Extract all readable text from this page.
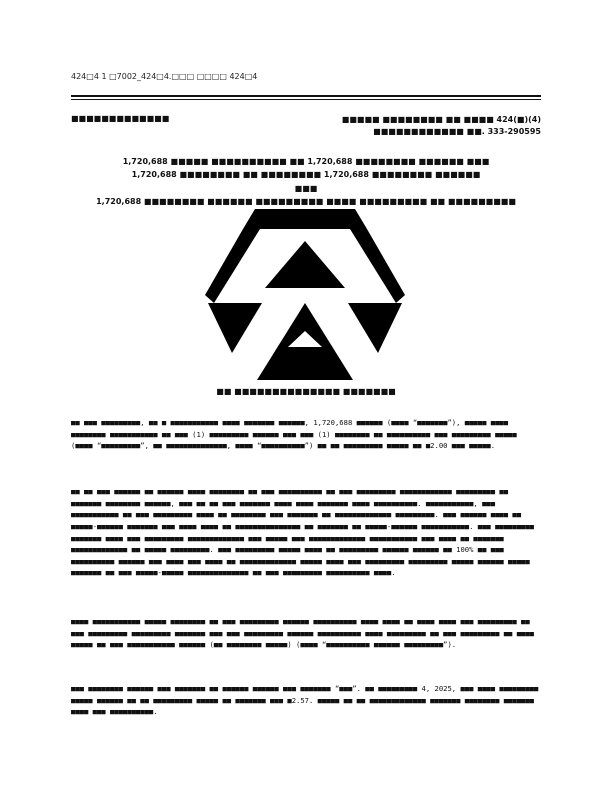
424□4 1 □7002_424□4.□□□ □□□□ 424□4
■■■■■■■■■■■■■	■■■■■ ■■■■■■■■ ■■ ■■■■ 424(■)(4)
■■■■■■■■■■■■ ■■. 333-290595
1,720,688 ■■■■■ ■■■■■■■■■■ ■■ 1,720,688 ■■■■■■■■ ■■■■■■ ■■■
1,720,688 ■■■■■■■■ ■■ ■■■■■■■■ 1,720,688 ■■■■■■■■ ■■■■■■
■■■
1,720,688 ■■■■■■■■ ■■■■■■ ■■■■■■■■■ ■■■■ ■■■■■■■■■ ■■ ■■■■■■■■■
■■ ■■■■■■■■■■■■■■ ■■■■■■■

■■ ■■■ ■■■■■■■■■, ■■ ■ ■■■■■■■■■■■ ■■■■ ■■■■■■■ ■■■■■■, 1,720,688 ■■■■■■ (■■■■ “■■■■■■■”), ■■■■■ ■■■■ ■■■■■■■■ ■■■■■■■■■■■ ■■ ■■■ (1) ■■■■■■■■■ ■■■■■■ ■■■ ■■■ (1) ■■■■■■■■ ■■ ■■■■■■■■■■ ■■■ ■■■■■■■■■ ■■■■■ (■■■■ “■■■■■■■■■”, ■■ ■■■■■■■■■■■■■■, ■■■■ “■■■■■■■■■■”) ■■ ■■ ■■■■■■■■■ ■■■■■ ■■ ■2.00 ■■■ ■■■■■.

■■ ■■ ■■■ ■■■■■■ ■■ ■■■■■■ ■■■■ ■■■■■■■■ ■■ ■■■ ■■■■■■■■■■ ■■ ■■■ ■■■■■■■■■ ■■■■■■■■■■■■ ■■■■■■■■■ ■■ ■■■■■■■ ■■■■■■■■ ■■■■■■, ■■■ ■■ ■■ ■■■ ■■■■■■■ ■■■■ ■■■■ ■■■■■■■ ■■■■ ■■■■■■■■■■. ■■■■■■■■■■■, ■■■ ■■■■■■■■■■■ ■■ ■■■ ■■■■■■■■■ ■■■■ ■■ ■■■■■■■■ ■■■ ■■■■■■■ ■■ ■■■■■■■■■■■■■ ■■■■■■■■■. ■■■ ■■■■■■ ■■■■ ■■ ■■■■■-■■■■■■ ■■■■■■■ ■■■ ■■■■ ■■■■ ■■ ■■■■■■■■■■■■■■■ ■■ ■■■■■■■ ■■ ■■■■■-■■■■■■ ■■■■■■■■■■■. ■■■ ■■■■■■■■■ ■■■■■■■ ■■■■ ■■■ ■■■■■■■■■ ■■■■■■■■■■■■■ ■■■ ■■■■■ ■■■ ■■■■■■■■■■■■■ ■■■■■■■■■■■ ■■■ ■■■■ ■■ ■■■■■■■ ■■■■■■■■■■■■■ ■■ ■■■■■ ■■■■■■■■■. ■■■ ■■■■■■■■■ ■■■■■ ■■■■ ■■ ■■■■■■■■■ ■■■■■■ ■■■■■■ ■■ 100% ■■ ■■■ ■■■■■■■■■■ ■■■■■■ ■■■ ■■■■ ■■■ ■■■■ ■■ ■■■■■■■■■■■■■ ■■■■■ ■■■■ ■■■ ■■■■■■■■■ ■■■■■■■■■ ■■■■■ ■■■■■■ ■■■■■ ■■■■■■■ ■■ ■■■ ■■■■■-■■■■■ ■■■■■■■■■■■■■■ ■■ ■■■ ■■■■■■■■■ ■■■■■■■■■■ ■■■■.

■■■■ ■■■■■■■■■■■ ■■■■■ ■■■■■■■■ ■■ ■■■ ■■■■■■■■■ ■■■■■■ ■■■■■■■■■■ ■■■■ ■■■■ ■■ ■■■■ ■■■■ ■■■ ■■■■■■■■■ ■■ ■■■ ■■■■■■■■■ ■■■■■■■■■ ■■■■■■■ ■■■ ■■■ ■■■■■■■■■ ■■■■■■ ■■■■■■■■■■ ■■■■ ■■■■■■■■■ ■■ ■■■ ■■■■■■■■■ ■■ ■■■■ ■■■■■ ■■ ■■■ ■■■■■■■■■■■ ■■■■■■ (■■ ■■■■■■■■ ■■■■■) (■■■■ “■■■■■■■■■■ ■■■■■■ ■■■■■■■■■”).

■■■ ■■■■■■■■ ■■■■■■ ■■■ ■■■■■■■ ■■ ■■■■■■ ■■■■■■ ■■■ ■■■■■■■ “■■■”. ■■ ■■■■■■■■■ 4, 2025, ■■■ ■■■■ ■■■■■■■■■ ■■■■■ ■■■■■■ ■■ ■■ ■■■■■■■■■ ■■■■■ ■■ ■■■■■■■ ■■■ ■2.57. ■■■■■ ■■ ■■ ■■■■■■■■■■■■■ ■■■■■■■ ■■■■■■■■ ■■■■■■■ ■■■■ ■■■ ■■■■■■■■■■.
